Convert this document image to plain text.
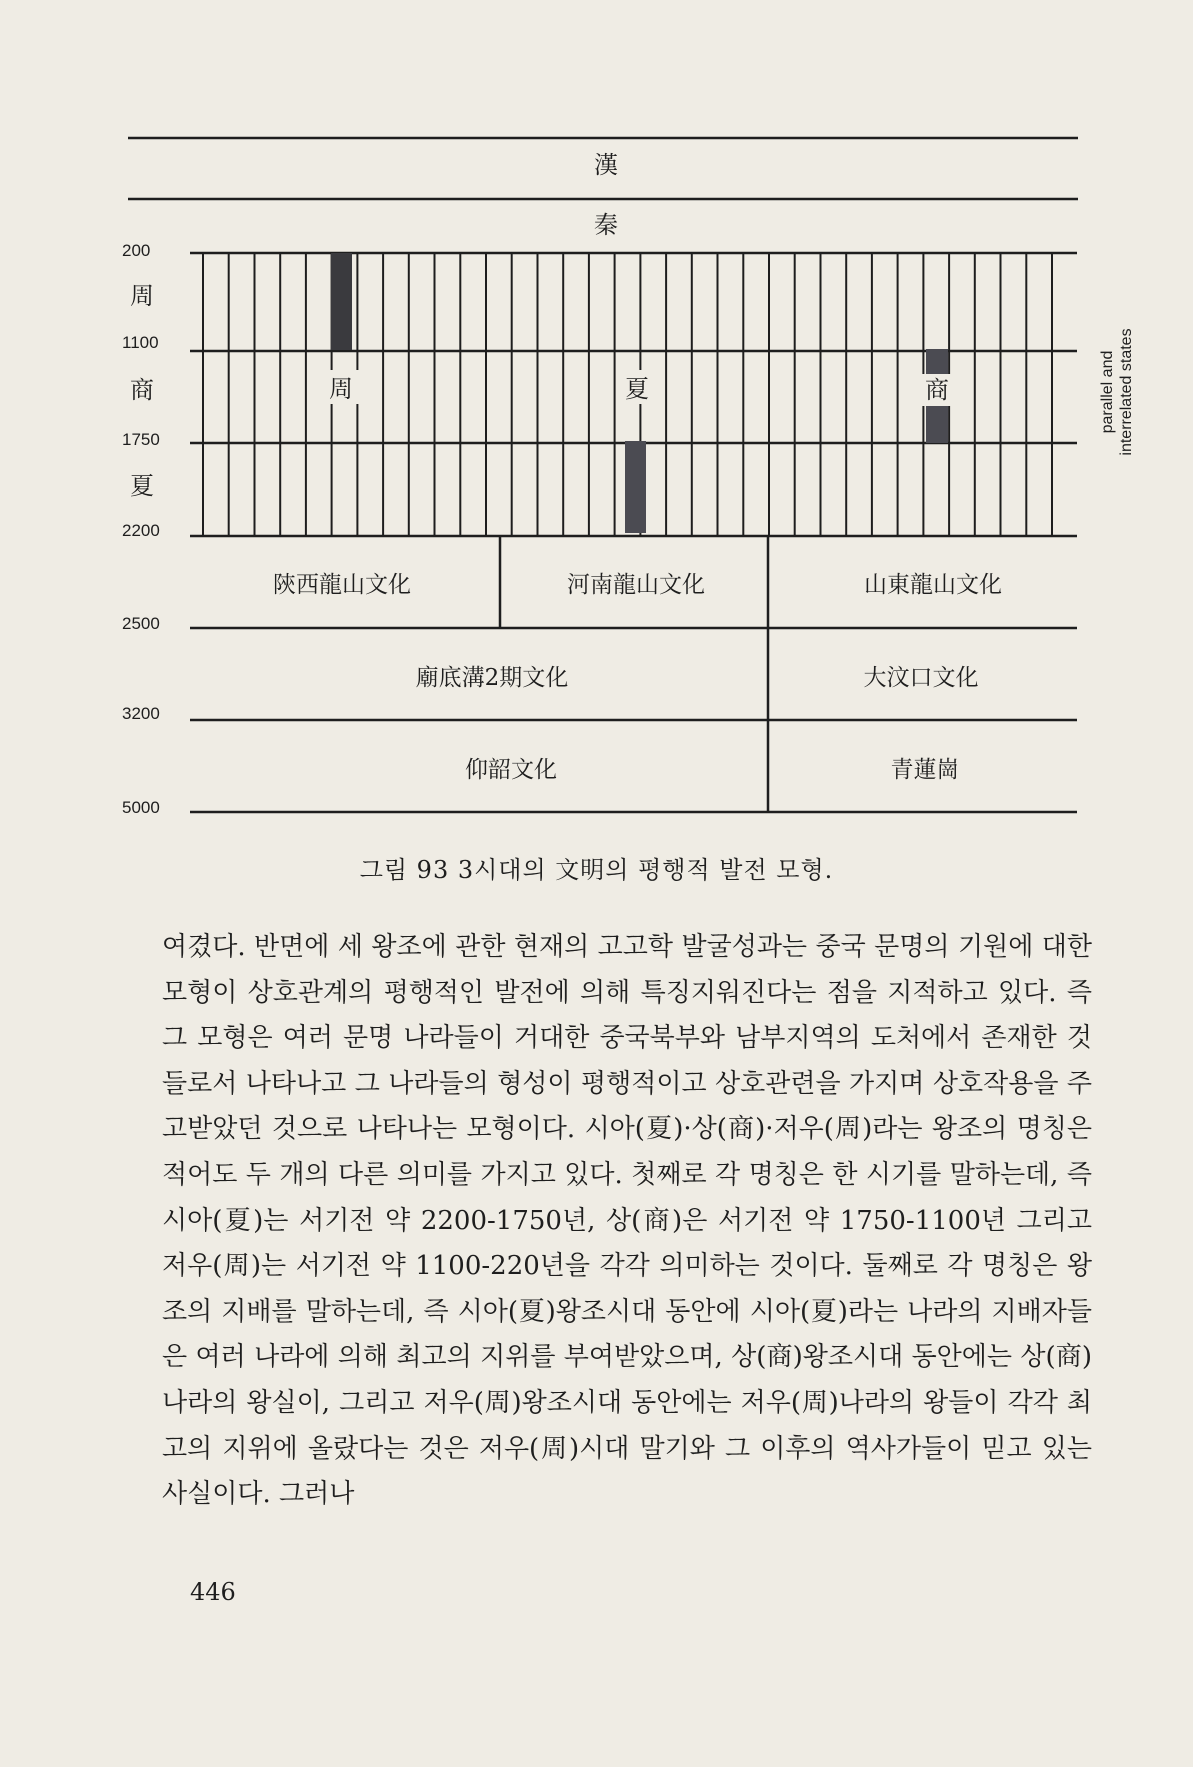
漢
秦
200
周
1100
商
1750
夏
2200
2500
3200
5000
周	夏	商	parallel and interrelated states
陝西龍山文化	河南龍山文化	山東龍山文化
廟底溝2期文化	大汶口文化
仰韶文化	青蓮崗
그림 93 3시대의 文明의 평행적 발전 모형.

여겼다. 반면에 세 왕조에 관한 현재의 고고학 발굴성과는 중국 문명의 기원에 대한 모형이 상호관계의 평행적인 발전에 의해 특징지워진다는 점을 지적하고 있다. 즉 그 모형은 여러 문명 나라들이 거대한 중국북부와 남부지역의 도처에서 존재한 것들로서 나타나고 그 나라들의 형성이 평행적이고 상호관련을 가지며 상호작용을 주고받았던 것으로 나타나는 모형이다. 시아(夏)·상(商)·저우(周)라는 왕조의 명칭은 적어도 두 개의 다른 의미를 가지고 있다. 첫째로 각 명칭은 한 시기를 말하는데, 즉 시아(夏)는 서기전 약 2200-1750년, 상(商)은 서기전 약 1750-1100년 그리고 저우(周)는 서기전 약 1100-220년을 각각 의미하는 것이다. 둘째로 각 명칭은 왕조의 지배를 말하는데, 즉 시아(夏)왕조시대 동안에 시아(夏)라는 나라의 지배자들은 여러 나라에 의해 최고의 지위를 부여받았으며, 상(商)왕조시대 동안에는 상(商)나라의 왕실이, 그리고 저우(周)왕조시대 동안에는 저우(周)나라의 왕들이 각각 최고의 지위에 올랐다는 것은 저우(周)시대 말기와 그 이후의 역사가들이 믿고 있는 사실이다. 그러나

446
